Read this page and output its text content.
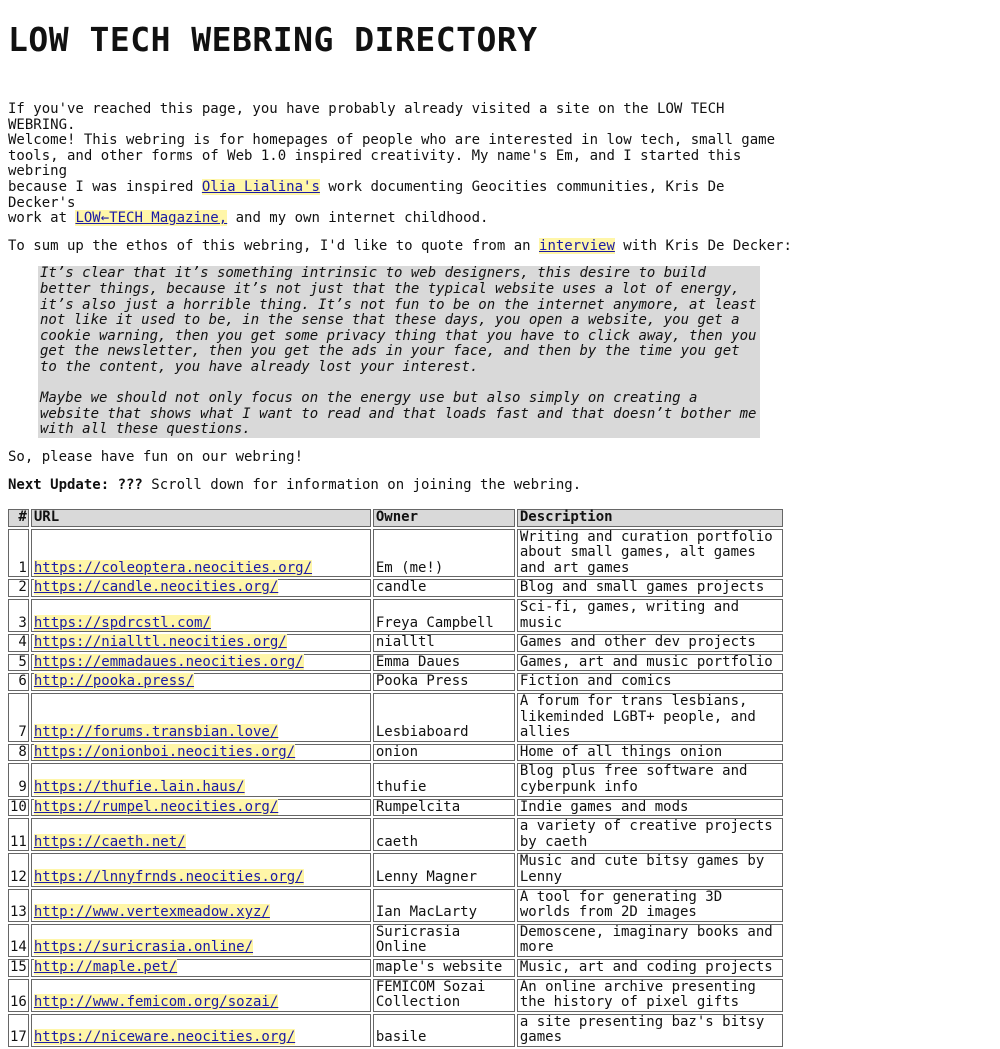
LOW TECH WEBRING DIRECTORY

If you've reached this page, you have probably already visited a site on the LOW TECH WEBRING.
Welcome! This webring is for homepages of people who are interested in low tech, small game
tools, and other forms of Web 1.0 inspired creativity. My name's Em, and I started this webring
because I was inspired Olia Lialina's work documenting Geocities communities, Kris De Decker's
work at LOW←TECH Magazine, and my own internet childhood.

To sum up the ethos of this webring, I'd like to quote from an interview with Kris De Decker:

It’s clear that it’s something intrinsic to web designers, this desire to build better things, because it’s not just that the typical website uses a lot of energy, it’s also just a horrible thing. It’s not fun to be on the internet anymore, at least not like it used to be, in the sense that these days, you open a website, you get a cookie warning, then you get some privacy thing that you have to click away, then you get the newsletter, then you get the ads in your face, and then by the time you get to the content, you have already lost your interest.

Maybe we should not only focus on the energy use but also simply on creating a website that shows what I want to read and that loads fast and that doesn’t bother me with all these questions.

So, please have fun on our webring!

Next Update: ??? Scroll down for information on joining the webring.

#	URL	Owner	Description
1	https://coleoptera.neocities.org/	Em (me!)	Writing and curation portfolio about small games, alt games and art games
2	https://candle.neocities.org/	candle	Blog and small games projects
3	https://spdrcstl.com/	Freya Campbell	Sci-fi, games, writing and music
4	https://nialltl.neocities.org/	nialltl	Games and other dev projects
5	https://emmadaues.neocities.org/	Emma Daues	Games, art and music portfolio
6	http://pooka.press/	Pooka Press	Fiction and comics
7	http://forums.transbian.love/	Lesbiaboard	A forum for trans lesbians, likeminded LGBT+ people, and allies
8	https://onionboi.neocities.org/	onion	Home of all things onion
9	https://thufie.lain.haus/	thufie	Blog plus free software and cyberpunk info
10	https://rumpel.neocities.org/	Rumpelcita	Indie games and mods
11	https://caeth.net/	caeth	a variety of creative projects by caeth
12	https://lnnyfrnds.neocities.org/	Lenny Magner	Music and cute bitsy games by Lenny
13	http://www.vertexmeadow.xyz/	Ian MacLarty	A tool for generating 3D worlds from 2D images
14	https://suricrasia.online/	Suricrasia Online	Demoscene, imaginary books and more
15	http://maple.pet/	maple's website	Music, art and coding projects
16	http://www.femicom.org/sozai/	FEMICOM Sozai Collection	An online archive presenting the history of pixel gifts
17	https://niceware.neocities.org/	basile	a site presenting baz's bitsy games
